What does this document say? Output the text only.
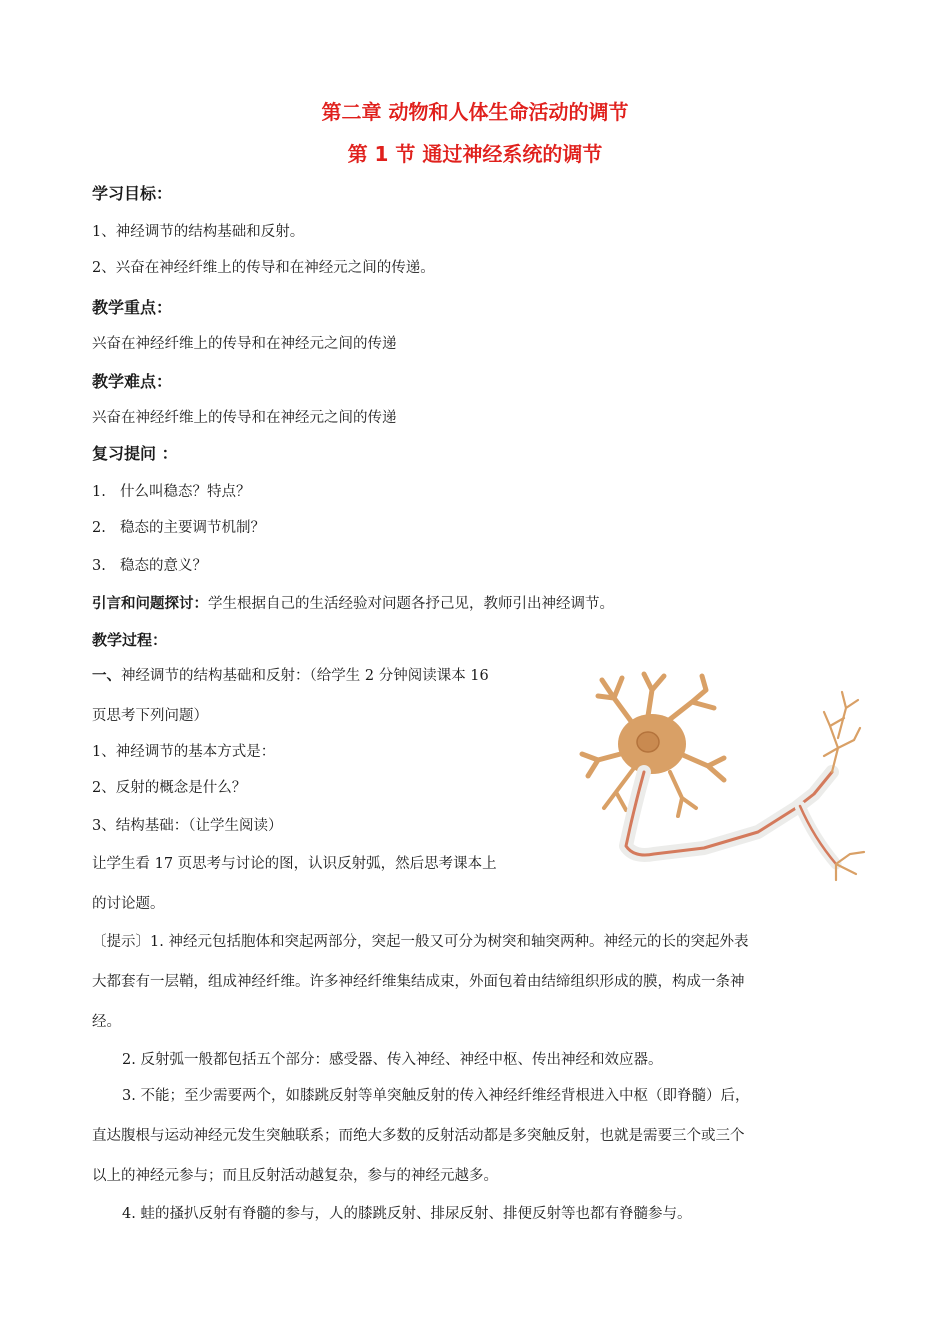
第二章 动物和人体生命活动的调节
第 1 节 通过神经系统的调节
学习目标：
1、神经调节的结构基础和反射。
2、兴奋在神经纤维上的传导和在神经元之间的传递。
教学重点：
兴奋在神经纤维上的传导和在神经元之间的传递
教学难点：
兴奋在神经纤维上的传导和在神经元之间的传递
复习提问 ：
1. 什么叫稳态？特点？
2. 稳态的主要调节机制？
3. 稳态的意义？
引言和问题探讨：学生根据自己的生活经验对问题各抒己见，教师引出神经调节。
教学过程：
一、神经调节的结构基础和反射：（给学生 2 分钟阅读课本 16
页思考下列问题）
1、神经调节的基本方式是：
2、反射的概念是什么？
3、结构基础：（让学生阅读）
让学生看 17 页思考与讨论的图，认识反射弧，然后思考课本上
的讨论题。
〔提示〕1. 神经元包括胞体和突起两部分，突起一般又可分为树突和轴突两种。神经元的长的突起外表
大都套有一层鞘，组成神经纤维。许多神经纤维集结成束，外面包着由结缔组织形成的膜，构成一条神
经。
2. 反射弧一般都包括五个部分：感受器、传入神经、神经中枢、传出神经和效应器。
3. 不能；至少需要两个，如膝跳反射等单突触反射的传入神经纤维经背根进入中枢（即脊髓）后，
直达腹根与运动神经元发生突触联系；而绝大多数的反射活动都是多突触反射，也就是需要三个或三个
以上的神经元参与；而且反射活动越复杂，参与的神经元越多。
4. 蛙的搔扒反射有脊髓的参与，人的膝跳反射、排尿反射、排便反射等也都有脊髓参与。
